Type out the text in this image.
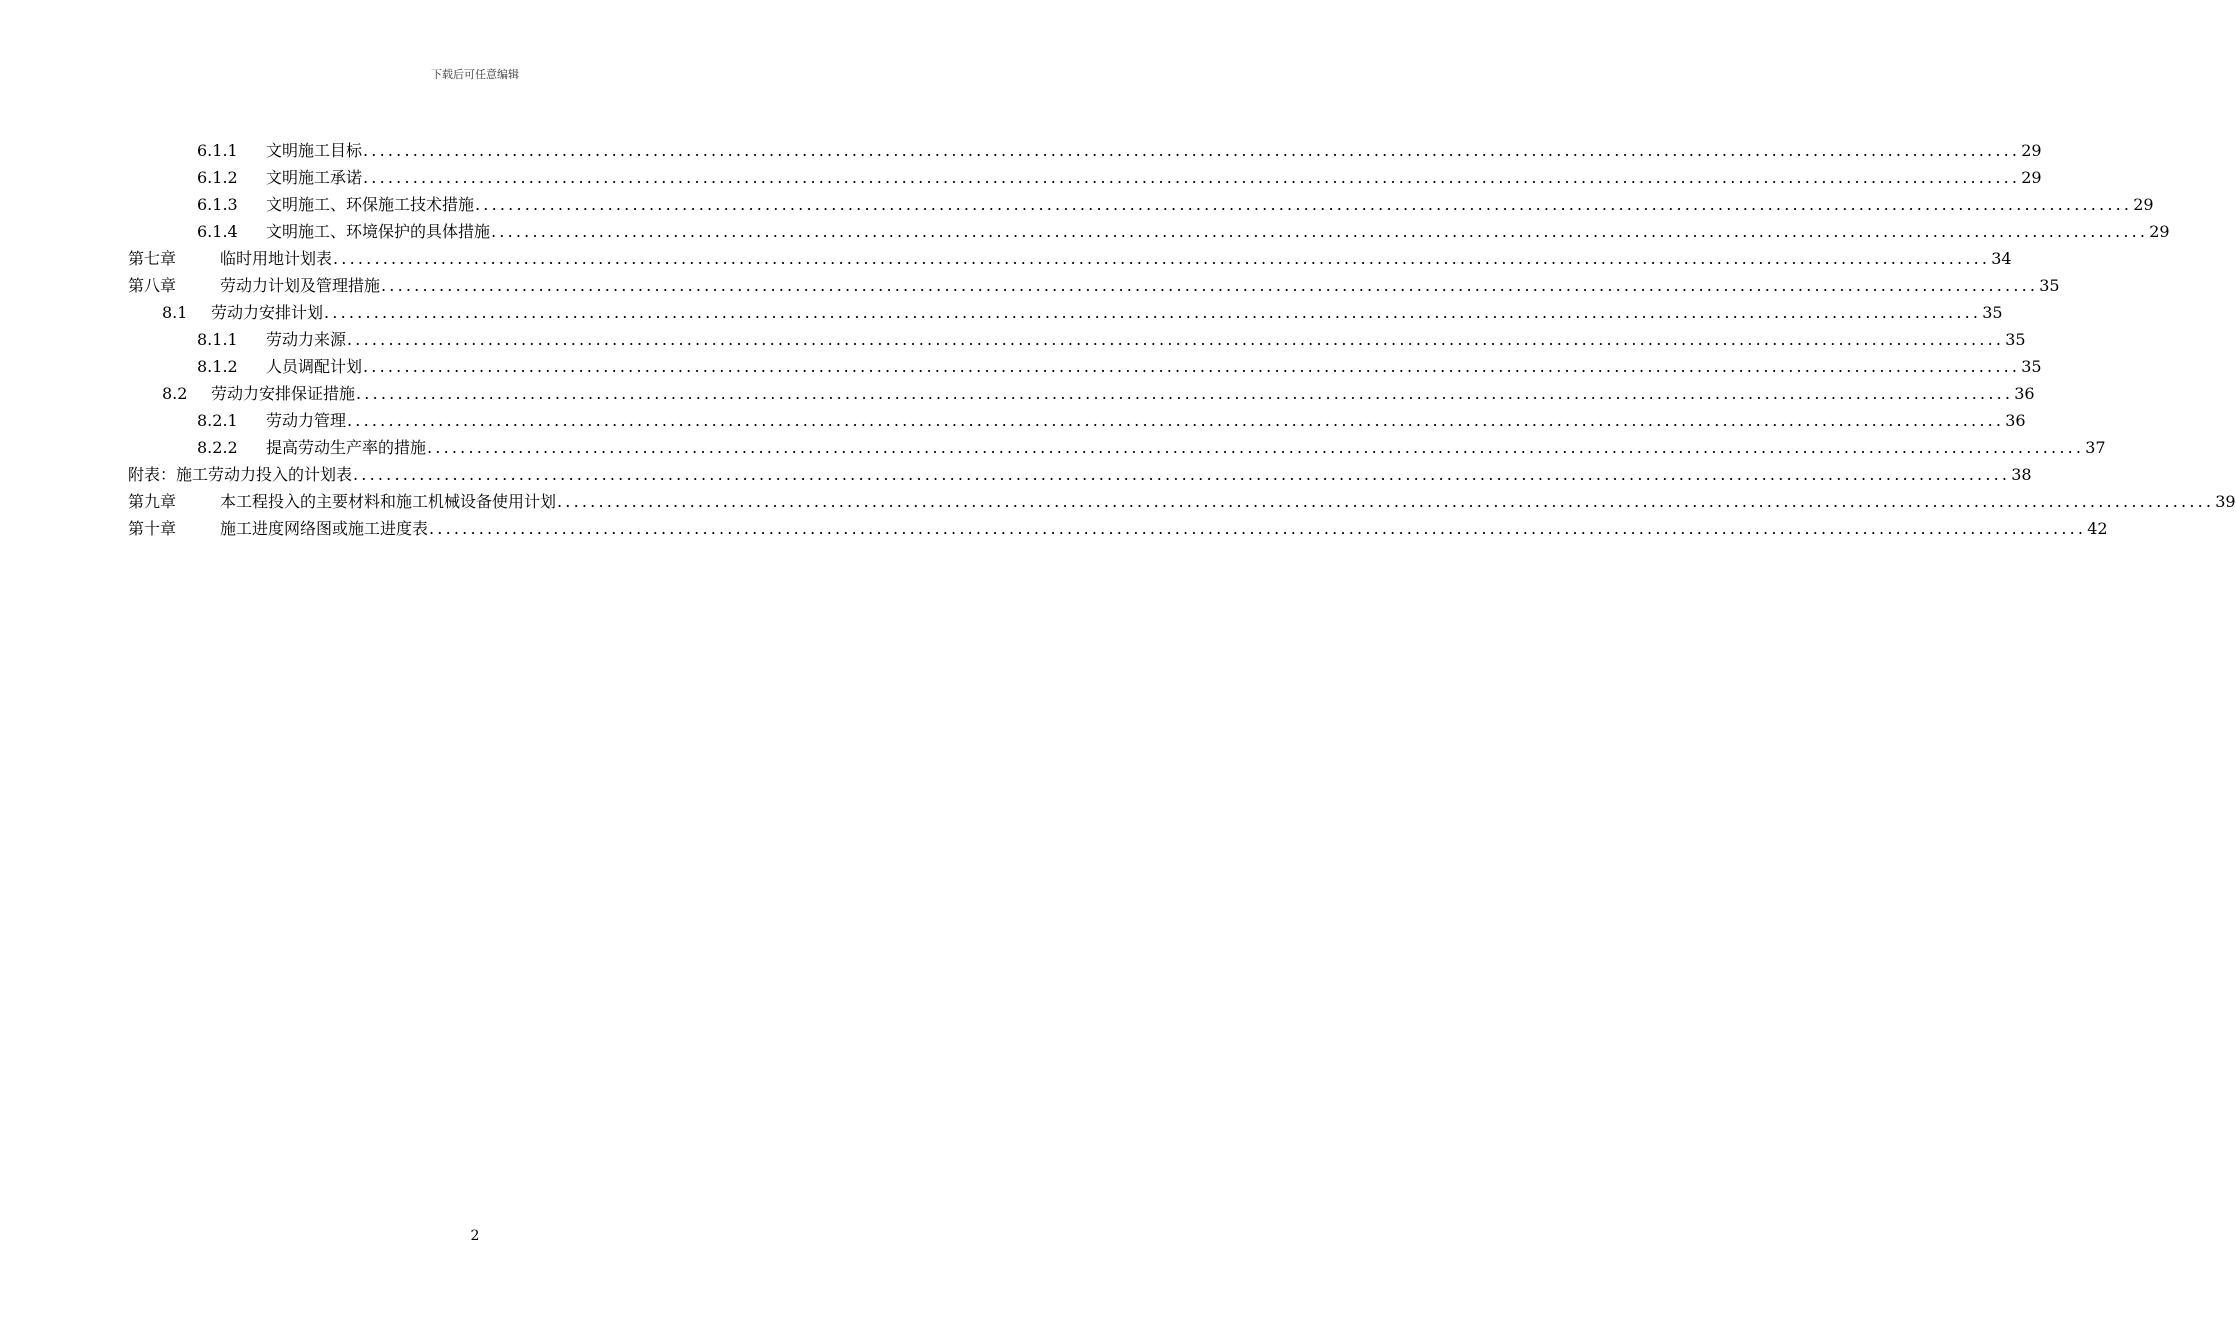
下载后可任意编辑
6.1.1	文明施工目标 ........................................................................................................................................................................................................ 29
6.1.2	文明施工承诺 ........................................................................................................................................................................................................ 29
6.1.3	文明施工、环保施工技术措施 ........................................................................................................................................................................................................ 29
6.1.4	文明施工、环境保护的具体措施 ........................................................................................................................................................................................................ 29
第七章	临时用地计划表 ........................................................................................................................................................................................................ 34
第八章	劳动力计划及管理措施 ........................................................................................................................................................................................................ 35
8.1	劳动力安排计划 ........................................................................................................................................................................................................ 35
8.1.1	劳动力来源 ........................................................................................................................................................................................................ 35
8.1.2	人员调配计划 ........................................................................................................................................................................................................ 35
8.2	劳动力安排保证措施 ........................................................................................................................................................................................................ 36
8.2.1	劳动力管理 ........................................................................................................................................................................................................ 36
8.2.2	提高劳动生产率的措施 ........................................................................................................................................................................................................ 37
附表：施工劳动力投入的计划表 ........................................................................................................................................................................................................ 38
第九章	本工程投入的主要材料和施工机械设备使用计划 ........................................................................................................................................................................................................ 39
第十章	施工进度网络图或施工进度表 ........................................................................................................................................................................................................ 42
2
